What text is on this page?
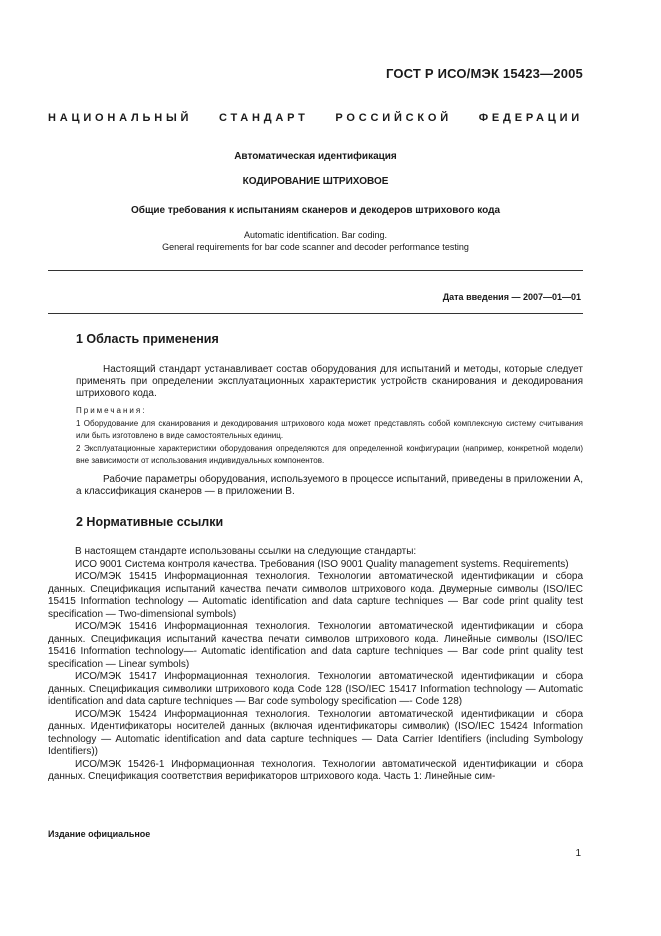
ГОСТ Р ИСО/МЭК 15423—2005
НАЦИОНАЛЬНЫЙ СТАНДАРТ РОССИЙСКОЙ ФЕДЕРАЦИИ
Автоматическая идентификация
КОДИРОВАНИЕ ШТРИХОВОЕ
Общие требования к испытаниям сканеров и декодеров штрихового кода
Automatic identification. Bar coding.
General requirements for bar code scanner and decoder performance testing
Дата введения — 2007—01—01
1 Область применения

Настоящий стандарт устанавливает состав оборудования для испытаний и методы, которые следует применять при определении эксплуатационных характеристик устройств сканирования и декодирования штрихового кода.

Примечания:

1 Оборудование для сканирования и декодирования штрихового кода может представлять собой комплексную систему считывания или быть изготовлено в виде самостоятельных единиц.

2 Эксплуатационные характеристики оборудования определяются для определенной конфигурации (например, конкретной модели) вне зависимости от использования индивидуальных компонентов.

Рабочие параметры оборудования, используемого в процессе испытаний, приведены в приложении А, а классификация сканеров — в приложении В.

2 Нормативные ссылки

В настоящем стандарте использованы ссылки на следующие стандарты:

ИСО 9001 Система контроля качества. Требования (ISO 9001 Quality management systems. Requirements)

ИСО/МЭК 15415 Информационная технология. Технологии автоматической идентификации и сбора данных. Спецификация испытаний качества печати символов штрихового кода. Двумерные символы (ISO/IEC 15415 Information technology — Automatic identification and data capture techniques — Bar code print quality test specification — Two-dimensional symbols)

ИСО/МЭК 15416 Информационная технология. Технологии автоматической идентификации и сбора данных. Спецификация испытаний качества печати символов штрихового кода. Линейные символы (ISO/IEC 15416 Information technology—- Automatic identification and data capture techniques — Bar code print quality test specification — Linear symbols)

ИСО/МЭК 15417 Информационная технология. Технологии автоматической идентификации и сбора данных. Спецификация символики штрихового кода Code 128 (ISO/IEC 15417 Information technology — Automatic identification and data capture techniques — Bar code symbology specification —- Code 128)

ИСО/МЭК 15424 Информационная технология. Технологии автоматической идентификации и сбора данных. Идентификаторы носителей данных (включая идентификаторы символик) (ISO/IEC 15424 Information technology — Automatic identification and data capture techniques — Data Carrier Identifiers (including Symbology Identifiers))

ИСО/МЭК 15426-1 Информационная технология. Технологии автоматической идентификации и сбора данных. Спецификация соответствия верификаторов штрихового кода. Часть 1: Линейные сим-

Издание официальное
1
